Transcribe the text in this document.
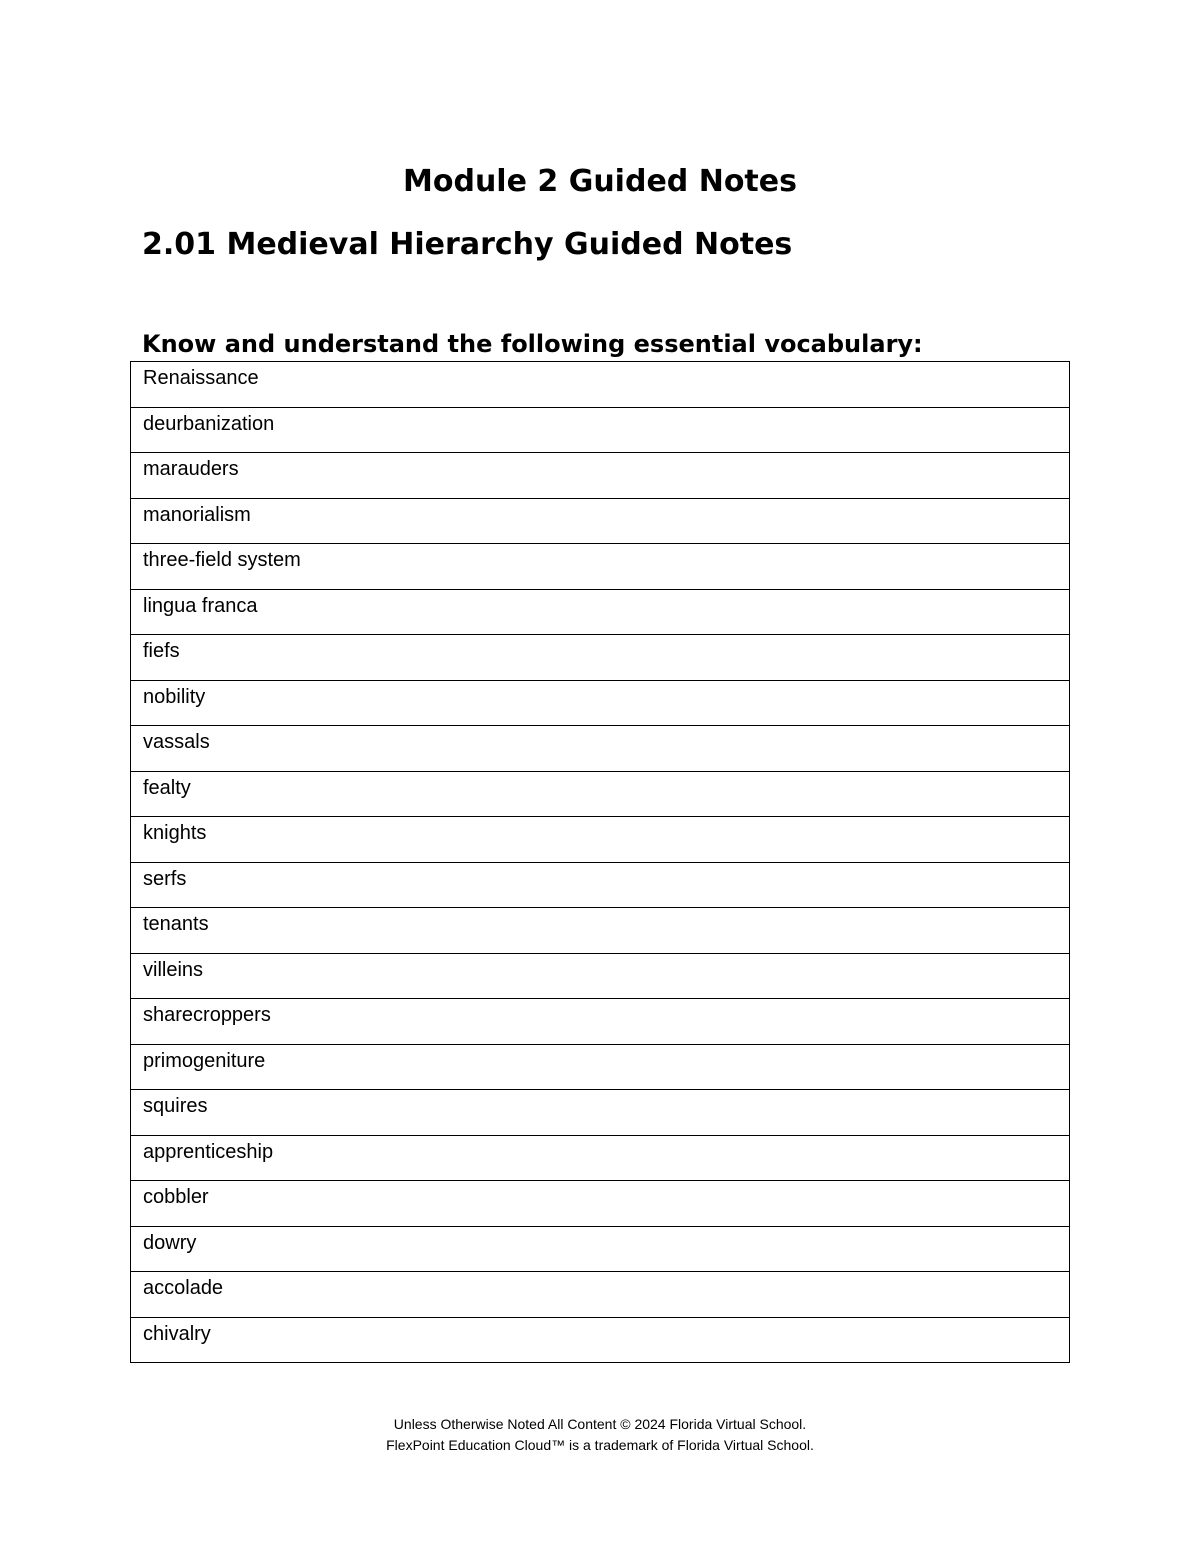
Module 2 Guided Notes
2.01 Medieval Hierarchy Guided Notes
Know and understand the following essential vocabulary:
Renaissance
deurbanization
marauders
manorialism
three-field system
lingua franca
fiefs
nobility
vassals
fealty
knights
serfs
tenants
villeins
sharecroppers
primogeniture
squires
apprenticeship
cobbler
dowry
accolade
chivalry
Unless Otherwise Noted All Content © 2024 Florida Virtual School.
FlexPoint Education Cloud™ is a trademark of Florida Virtual School.
